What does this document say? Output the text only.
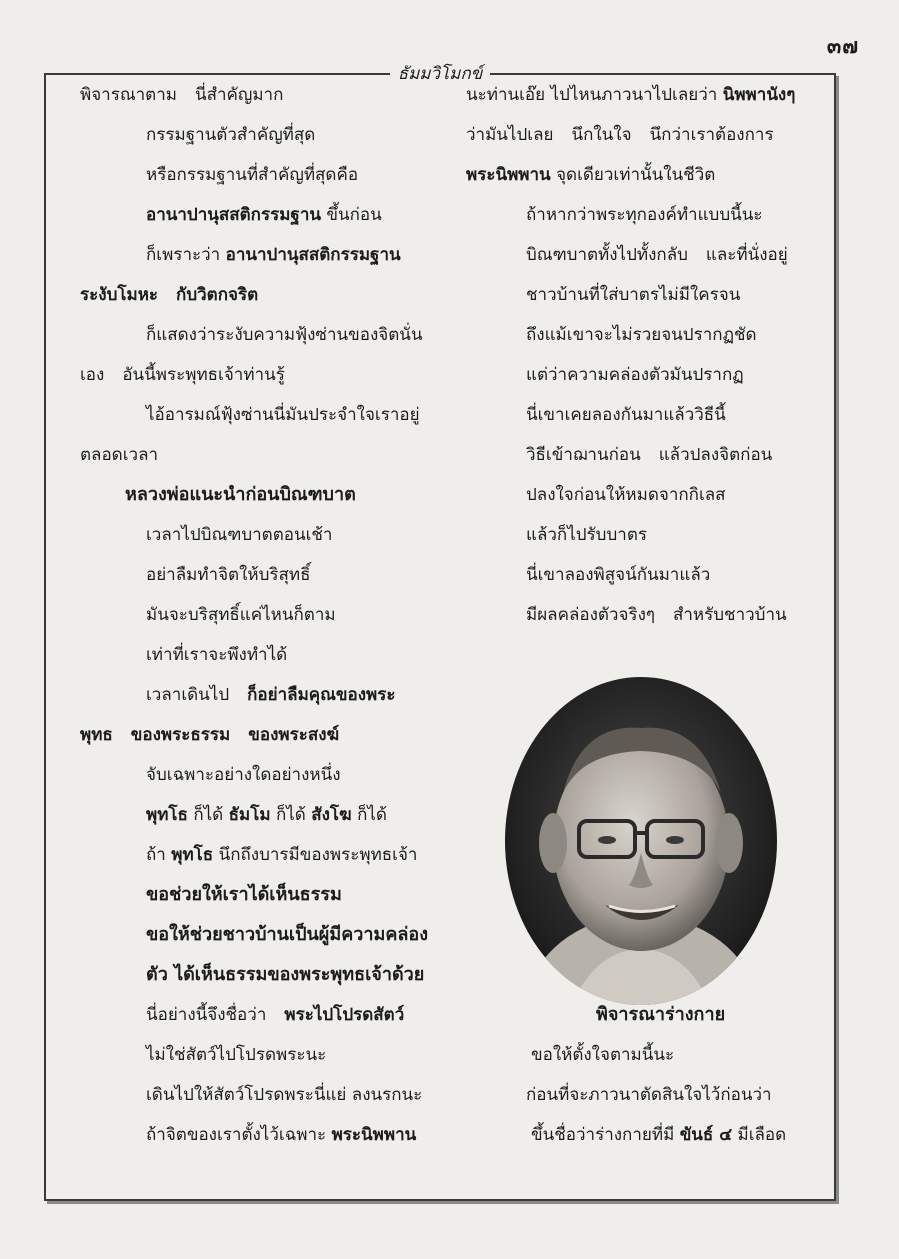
๓๗
ธัมมวิโมกข์
พิจารณาตาม นี่สำคัญมาก
กรรมฐานตัวสำคัญที่สุด
หรือกรรมฐานที่สำคัญที่สุดคือ
อานาปานุสสติกรรมฐาน ขึ้นก่อน
ก็เพราะว่า อานาปานุสสติกรรมฐาน
ระงับโมหะ กับวิตกจริต
ก็แสดงว่าระงับความฟุ้งซ่านของจิตนั่น
เอง อันนี้พระพุทธเจ้าท่านรู้
ไอ้อารมณ์ฟุ้งซ่านนี่มันประจำใจเราอยู่
ตลอดเวลา
หลวงพ่อแนะนำก่อนบิณฑบาต
เวลาไปบิณฑบาตตอนเช้า
อย่าลืมทำจิตให้บริสุทธิ์
มันจะบริสุทธิ์แค่ไหนก็ตาม
เท่าที่เราจะพึงทำได้
เวลาเดินไป ก็อย่าลืมคุณของพระ
พุทธ ของพระธรรม ของพระสงฆ์
จับเฉพาะอย่างใดอย่างหนึ่ง
พุทโธ ก็ได้ ธัมโม ก็ได้ สังโฆ ก็ได้
ถ้า พุทโธ นึกถึงบารมีของพระพุทธเจ้า
ขอช่วยให้เราได้เห็นธรรม
ขอให้ช่วยชาวบ้านเป็นผู้มีความคล่อง
ตัว ได้เห็นธรรมของพระพุทธเจ้าด้วย
นี่อย่างนี้จึงชื่อว่า พระไปโปรดสัตว์
ไม่ใช่สัตว์ไปโปรดพระนะ
เดินไปให้สัตว์โปรดพระนี่แย่ ลงนรกนะ
ถ้าจิตของเราตั้งไว้เฉพาะ พระนิพพาน
นะท่านเอ๊ย ไปไหนภาวนาไปเลยว่า นิพพานังๆ
ว่ามันไปเลย นึกในใจ นึกว่าเราต้องการ
พระนิพพาน จุดเดียวเท่านั้นในชีวิต
ถ้าหากว่าพระทุกองค์ทำแบบนี้นะ
บิณฑบาตทั้งไปทั้งกลับ และที่นั่งอยู่
ชาวบ้านที่ใส่บาตรไม่มีใครจน
ถึงแม้เขาจะไม่รวยจนปรากฏชัด
แต่ว่าความคล่องตัวมันปรากฏ
นี่เขาเคยลองกันมาแล้ววิธีนี้
วิธีเข้าฌานก่อน แล้วปลงจิตก่อน
ปลงใจก่อนให้หมดจากกิเลส
แล้วก็ไปรับบาตร
นี่เขาลองพิสูจน์กันมาแล้ว
มีผลคล่องตัวจริงๆ สำหรับชาวบ้าน
พิจารณาร่างกาย
ขอให้ตั้งใจตามนี้นะ
ก่อนที่จะภาวนาตัดสินใจไว้ก่อนว่า
ขึ้นชื่อว่าร่างกายที่มี ขันธ์ ๔ มีเลือด
